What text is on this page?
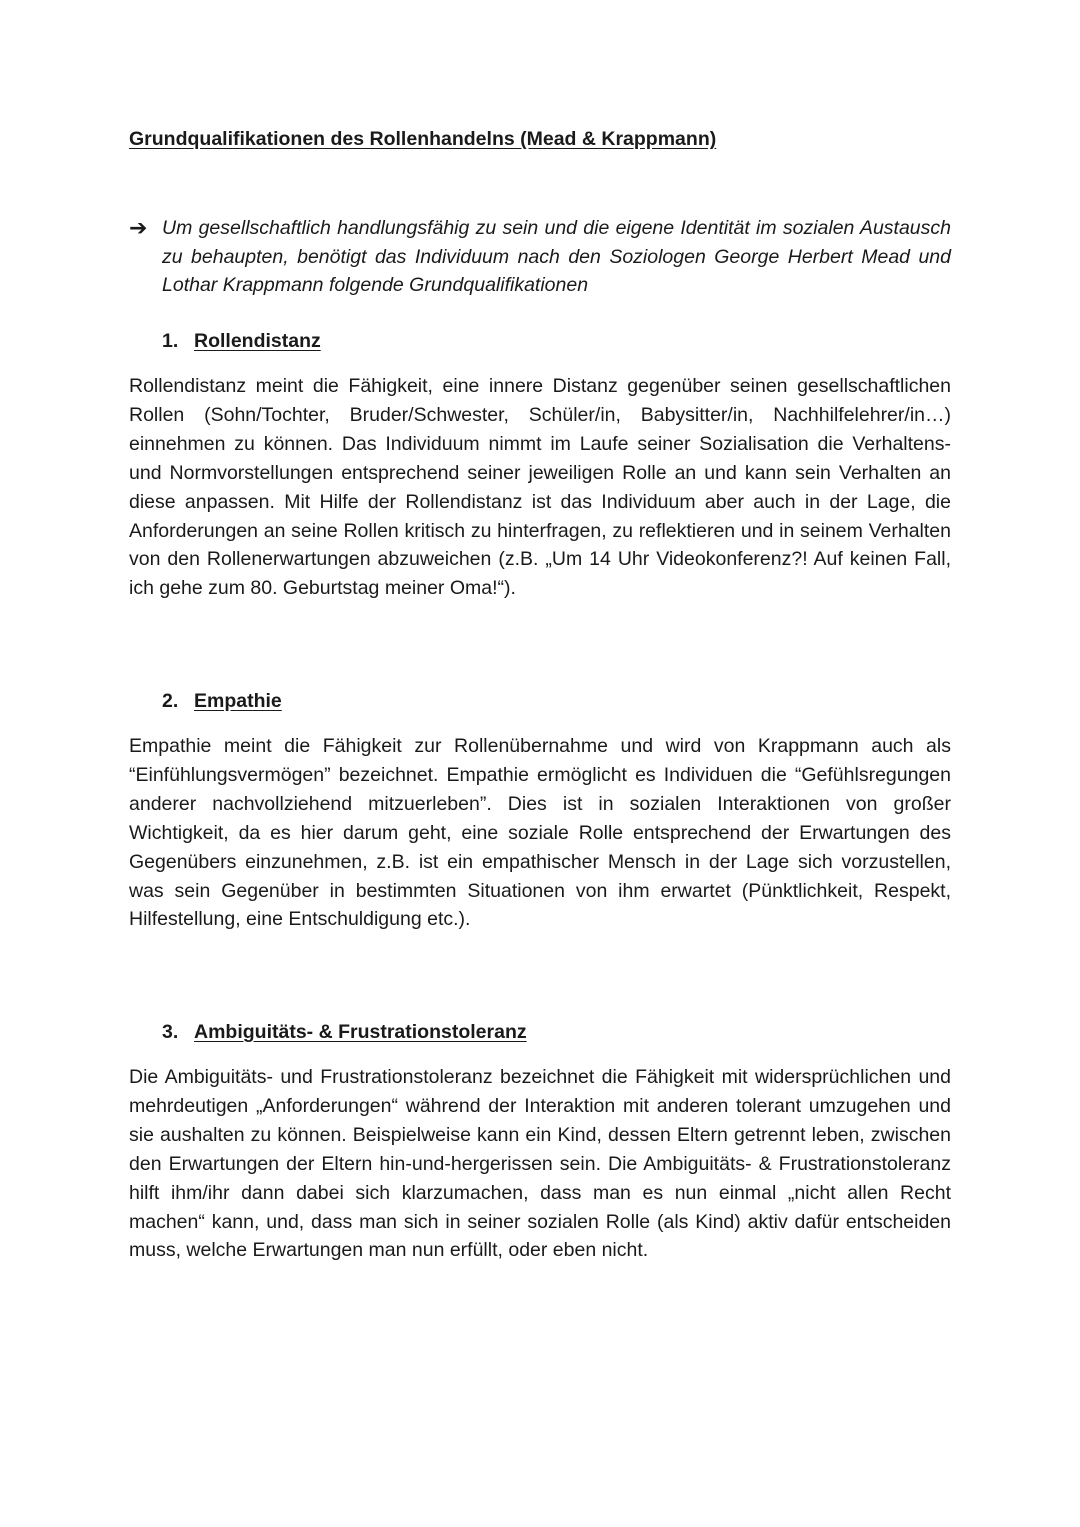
Grundqualifikationen des Rollenhandelns (Mead & Krappmann)
➔ Um gesellschaftlich handlungsfähig zu sein und die eigene Identität im sozialen Austausch zu behaupten, benötigt das Individuum nach den Soziologen George Herbert Mead und Lothar Krappmann folgende Grundqualifikationen

1. Rollendistanz

Rollendistanz meint die Fähigkeit, eine innere Distanz gegenüber seinen gesellschaftlichen Rollen (Sohn/Tochter, Bruder/Schwester, Schüler/in, Babysitter/in, Nachhilfelehrer/in…) einnehmen zu können. Das Individuum nimmt im Laufe seiner Sozialisation die Verhaltens- und Normvorstellungen entsprechend seiner jeweiligen Rolle an und kann sein Verhalten an diese anpassen. Mit Hilfe der Rollendistanz ist das Individuum aber auch in der Lage, die Anforderungen an seine Rollen kritisch zu hinterfragen, zu reflektieren und in seinem Verhalten von den Rollenerwartungen abzuweichen (z.B. „Um 14 Uhr Videokonferenz?! Auf keinen Fall, ich gehe zum 80. Geburtstag meiner Oma!“).

2. Empathie

Empathie meint die Fähigkeit zur Rollenübernahme und wird von Krappmann auch als “Einfühlungsvermögen” bezeichnet. Empathie ermöglicht es Individuen die “Gefühlsregungen anderer nachvollziehend mitzuerleben”. Dies ist in sozialen Interaktionen von großer Wichtigkeit, da es hier darum geht, eine soziale Rolle entsprechend der Erwartungen des Gegenübers einzunehmen, z.B. ist ein empathischer Mensch in der Lage sich vorzustellen, was sein Gegenüber in bestimmten Situationen von ihm erwartet (Pünktlichkeit, Respekt, Hilfestellung, eine Entschuldigung etc.).

3. Ambiguitäts- & Frustrationstoleranz

Die Ambiguitäts- und Frustrationstoleranz bezeichnet die Fähigkeit mit widersprüchlichen und mehrdeutigen „Anforderungen“ während der Interaktion mit anderen tolerant umzugehen und sie aushalten zu können. Beispielweise kann ein Kind, dessen Eltern getrennt leben, zwischen den Erwartungen der Eltern hin-und-hergerissen sein. Die Ambiguitäts- & Frustrationstoleranz hilft ihm/ihr dann dabei sich klarzumachen, dass man es nun einmal „nicht allen Recht machen“ kann, und, dass man sich in seiner sozialen Rolle (als Kind) aktiv dafür entscheiden muss, welche Erwartungen man nun erfüllt, oder eben nicht.
